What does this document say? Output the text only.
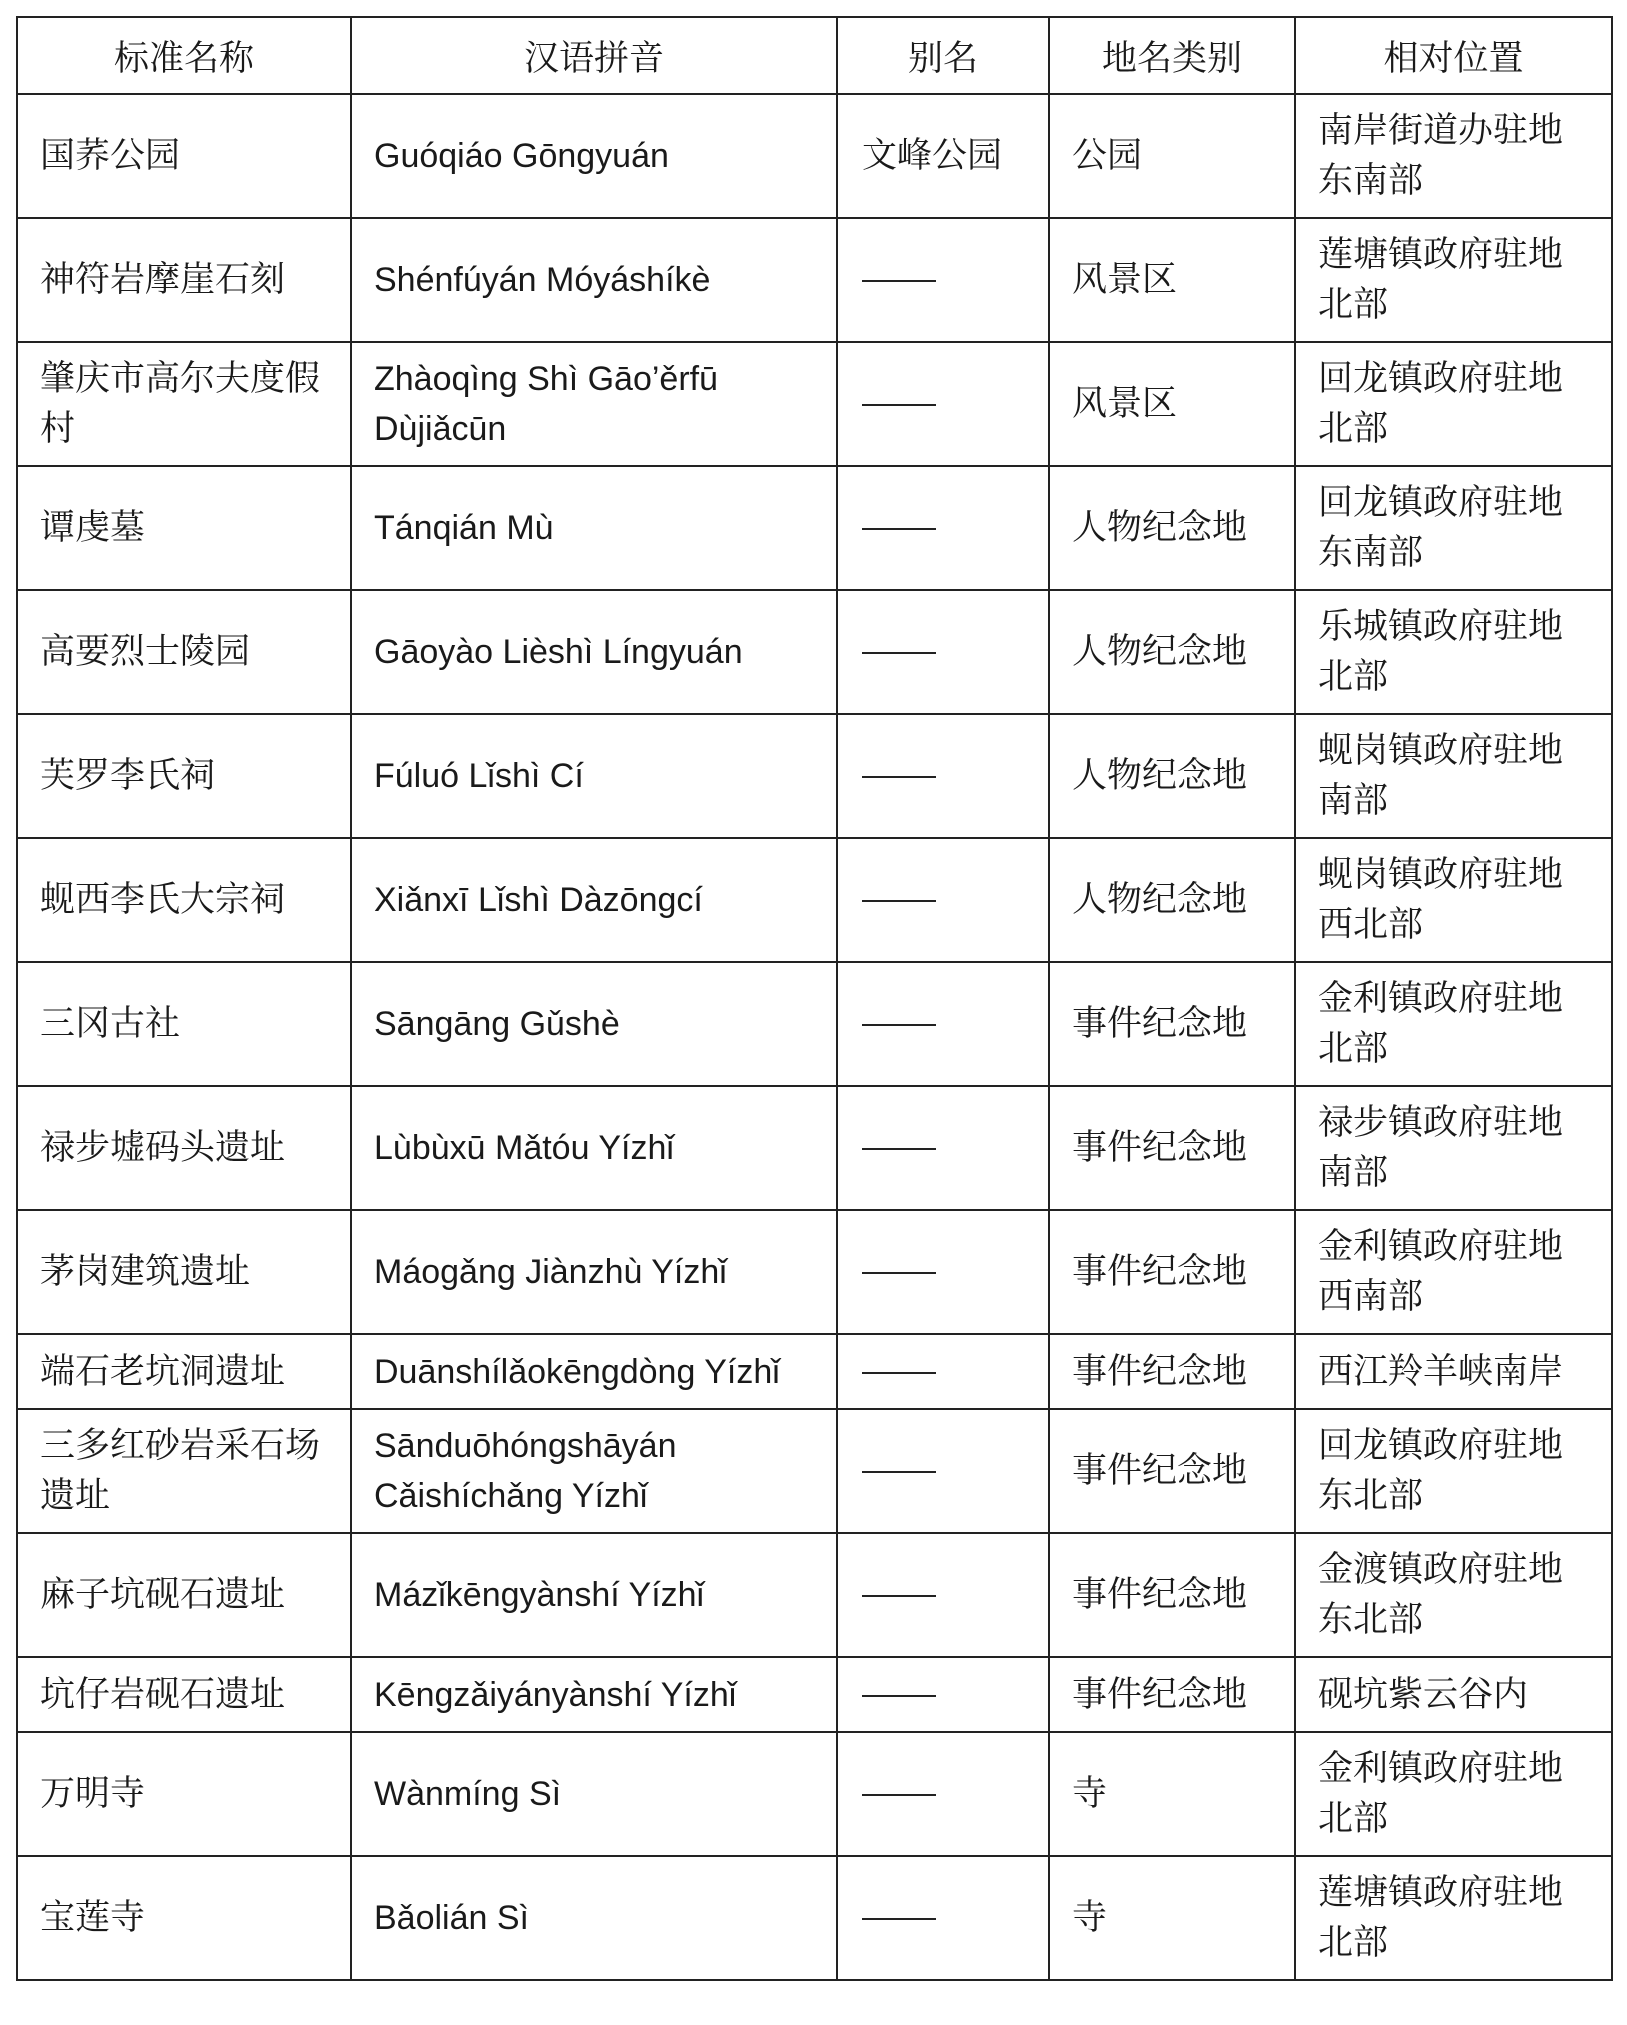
标准名称	汉语拼音	别名	地名类别	相对位置
国荞公园	Guóqiáo Gōngyuán	文峰公园	公园	南岸街道办驻地东南部
神符岩摩崖石刻	Shénfúyán Móyáshíkè		风景区	莲塘镇政府驻地北部
肇庆市高尔夫度假村	Zhàoqìng Shì Gāo’ěrfū Dùjiǎcūn		风景区	回龙镇政府驻地北部
谭虔墓	Tánqián Mù		人物纪念地	回龙镇政府驻地东南部
高要烈士陵园	Gāoyào Lièshì Língyuán		人物纪念地	乐城镇政府驻地北部
芙罗李氏祠	Fúluó Lǐshì Cí		人物纪念地	蚬岗镇政府驻地南部
蚬西李氏大宗祠	Xiǎnxī Lǐshì Dàzōngcí		人物纪念地	蚬岗镇政府驻地西北部
三冈古社	Sāngāng Gǔshè		事件纪念地	金利镇政府驻地北部
禄步墟码头遗址	Lùbùxū Mǎtóu Yízhǐ		事件纪念地	禄步镇政府驻地南部
茅岗建筑遗址	Máogǎng Jiànzhù Yízhǐ		事件纪念地	金利镇政府驻地西南部
端石老坑洞遗址	Duānshílǎokēngdòng Yízhǐ		事件纪念地	西江羚羊峡南岸
三多红砂岩采石场遗址	Sānduōhóngshāyán Cǎishíchǎng Yízhǐ		事件纪念地	回龙镇政府驻地东北部
麻子坑砚石遗址	Mázǐkēngyànshí Yízhǐ		事件纪念地	金渡镇政府驻地东北部
坑仔岩砚石遗址	Kēngzǎiyányànshí Yízhǐ		事件纪念地	砚坑紫云谷内
万明寺	Wànmíng Sì		寺	金利镇政府驻地北部
宝莲寺	Bǎolián Sì		寺	莲塘镇政府驻地北部
